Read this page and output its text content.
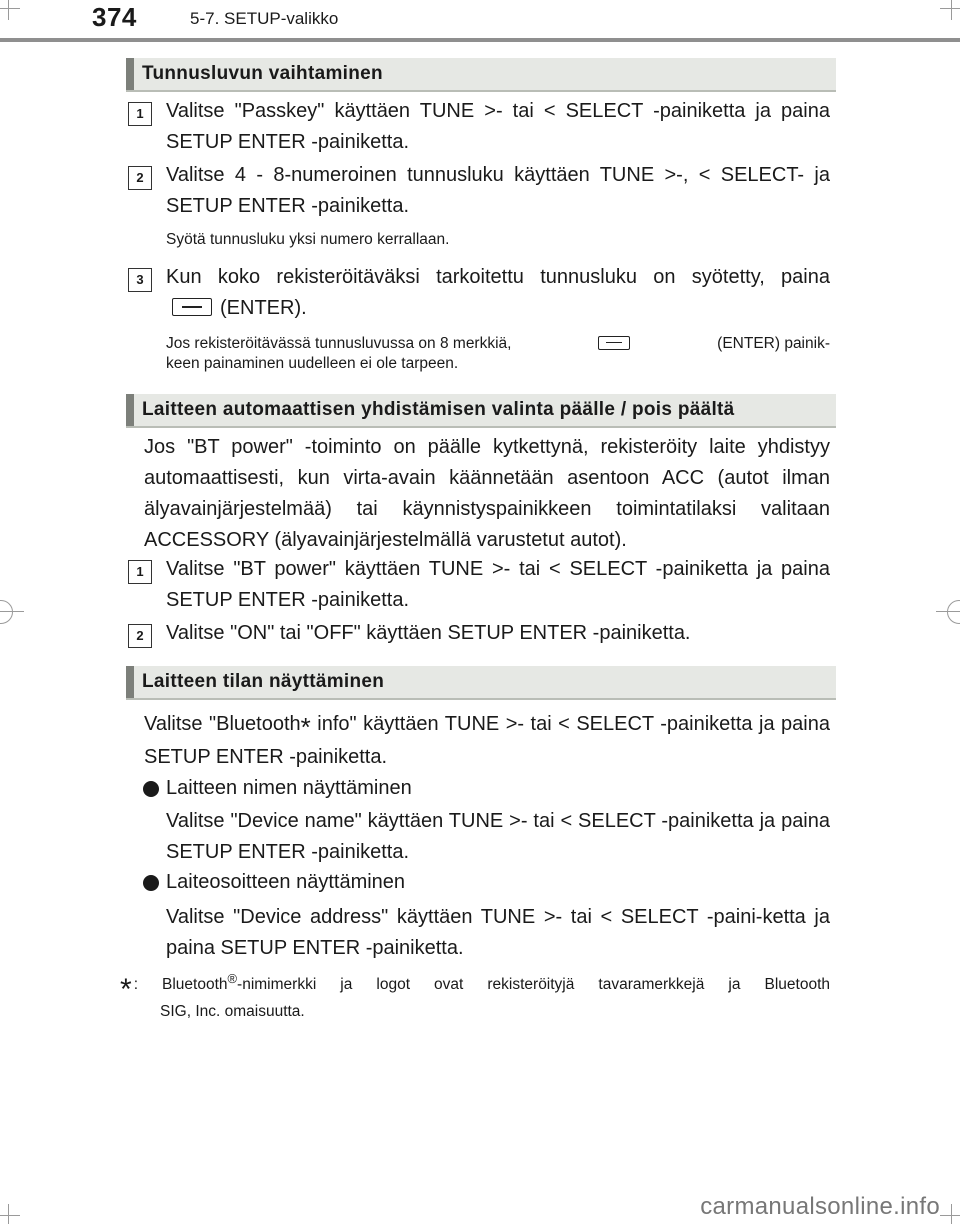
374	5-7. SETUP-valikko
Tunnusluvun vaihtaminen
1	Valitse "Passkey" käyttäen TUNE >- tai < SELECT -painiketta ja paina SETUP ENTER -painiketta.

2	Valitse 4 - 8-numeroinen tunnusluku käyttäen TUNE >-, < SELECT- ja SETUP ENTER -painiketta.

Syötä tunnusluku yksi numero kerrallaan.

3	Kun koko rekisteröitäväksi tarkoitettu tunnusluku on syötetty, paina
(ENTER).
Jos rekisteröitävässä tunnusluvussa on 8 merkkiä,	(ENTER) painik-
keen painaminen uudelleen ei ole tarpeen.
Laitteen automaattisen yhdistämisen valinta päälle / pois päältä

Jos "BT power" -toiminto on päälle kytkettynä, rekisteröity laite yhdistyy automaattisesti, kun virta-avain käännetään asentoon ACC (autot ilman älyavainjärjestelmää) tai käynnistyspainikkeen toimintatilaksi valitaan ACCESSORY (älyavainjärjestelmällä varustetut autot).

1	Valitse "BT power" käyttäen TUNE >- tai < SELECT -painiketta ja paina SETUP ENTER -painiketta.

2	Valitse "ON" tai "OFF" käyttäen SETUP ENTER -painiketta.

Laitteen tilan näyttäminen

Valitse "Bluetooth* info" käyttäen TUNE >- tai < SELECT -painiketta ja paina SETUP ENTER -painiketta.

Laitteen nimen näyttäminen

Valitse "Device name" käyttäen TUNE >- tai < SELECT -painiketta ja paina SETUP ENTER -painiketta.

Laiteosoitteen näyttäminen

Valitse "Device address" käyttäen TUNE >- tai < SELECT -paini-ketta ja paina SETUP ENTER -painiketta.

* : Bluetooth®-nimimerkki ja logot ovat rekisteröityjä tavaramerkkejä ja Bluetooth
SIG, Inc. omaisuutta.
carmanualsonline.info
